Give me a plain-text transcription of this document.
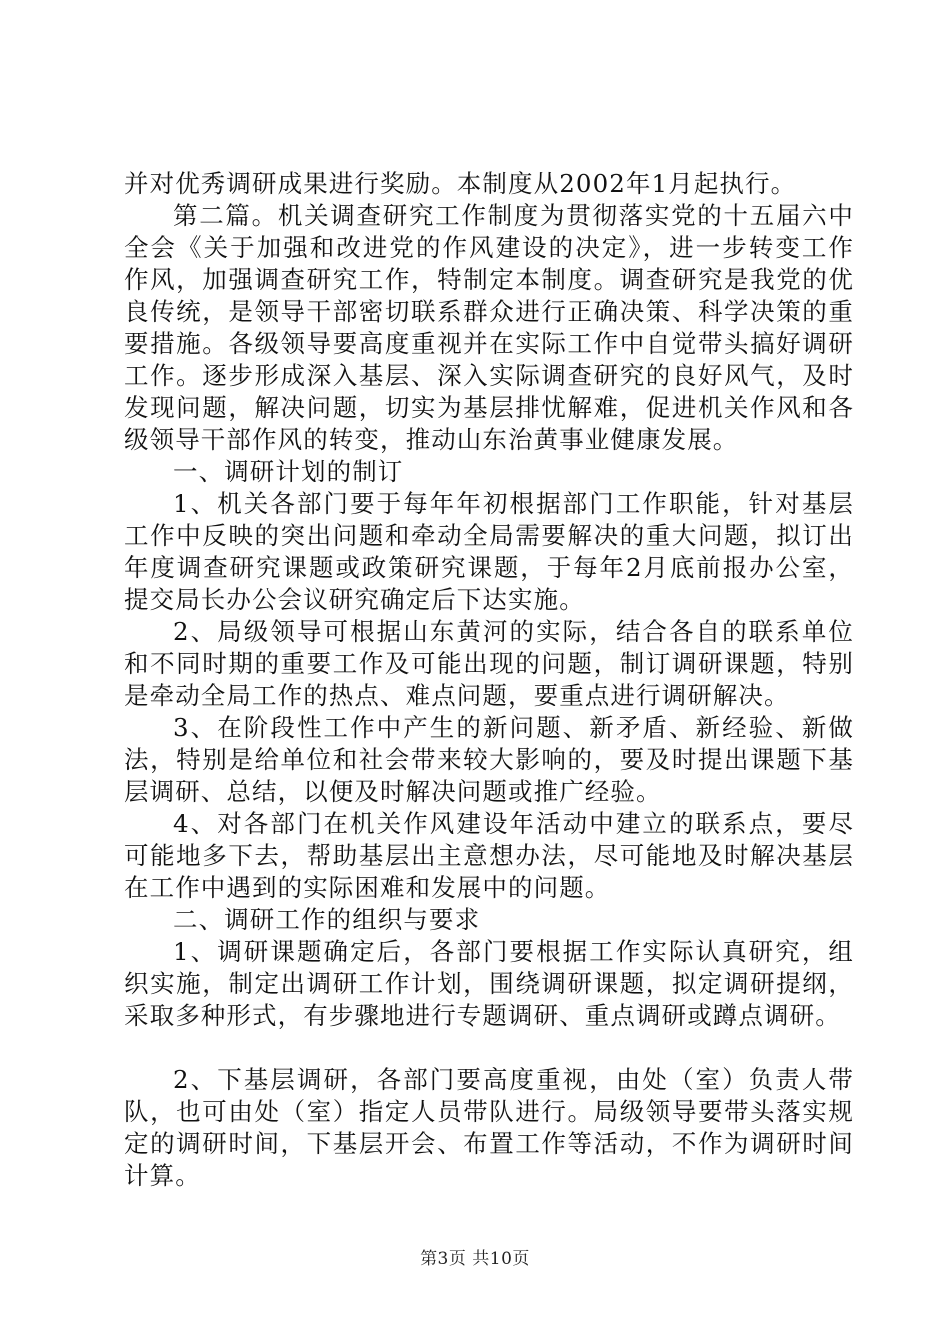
并对优秀调研成果进行奖励。本制度从2002年1月起执行。

第二篇。机关调查研究工作制度为贯彻落实党的十五届六中全会《关于加强和改进党的作风建设的决定》，进一步转变工作作风，加强调查研究工作，特制定本制度。调查研究是我党的优良传统，是领导干部密切联系群众进行正确决策、科学决策的重要措施。各级领导要高度重视并在实际工作中自觉带头搞好调研工作。逐步形成深入基层、深入实际调查研究的良好风气，及时发现问题，解决问题，切实为基层排忧解难，促进机关作风和各级领导干部作风的转变，推动山东治黄事业健康发展。

一、调研计划的制订

1、机关各部门要于每年年初根据部门工作职能，针对基层工作中反映的突出问题和牵动全局需要解决的重大问题，拟订出年度调查研究课题或政策研究课题，于每年2月底前报办公室，提交局长办公会议研究确定后下达实施。

2、局级领导可根据山东黄河的实际，结合各自的联系单位和不同时期的重要工作及可能出现的问题，制订调研课题，特别是牵动全局工作的热点、难点问题，要重点进行调研解决。

3、在阶段性工作中产生的新问题、新矛盾、新经验、新做法，特别是给单位和社会带来较大影响的，要及时提出课题下基层调研、总结，以便及时解决问题或推广经验。

4、对各部门在机关作风建设年活动中建立的联系点，要尽可能地多下去，帮助基层出主意想办法，尽可能地及时解决基层在工作中遇到的实际困难和发展中的问题。

二、调研工作的组织与要求

1、调研课题确定后，各部门要根据工作实际认真研究，组织实施，制定出调研工作计划，围绕调研课题，拟定调研提纲，采取多种形式，有步骤地进行专题调研、重点调研或蹲点调研。

2、下基层调研，各部门要高度重视，由处（室）负责人带队，也可由处（室）指定人员带队进行。局级领导要带头落实规定的调研时间，下基层开会、布置工作等活动，不作为调研时间计算。

第3页 共10页
